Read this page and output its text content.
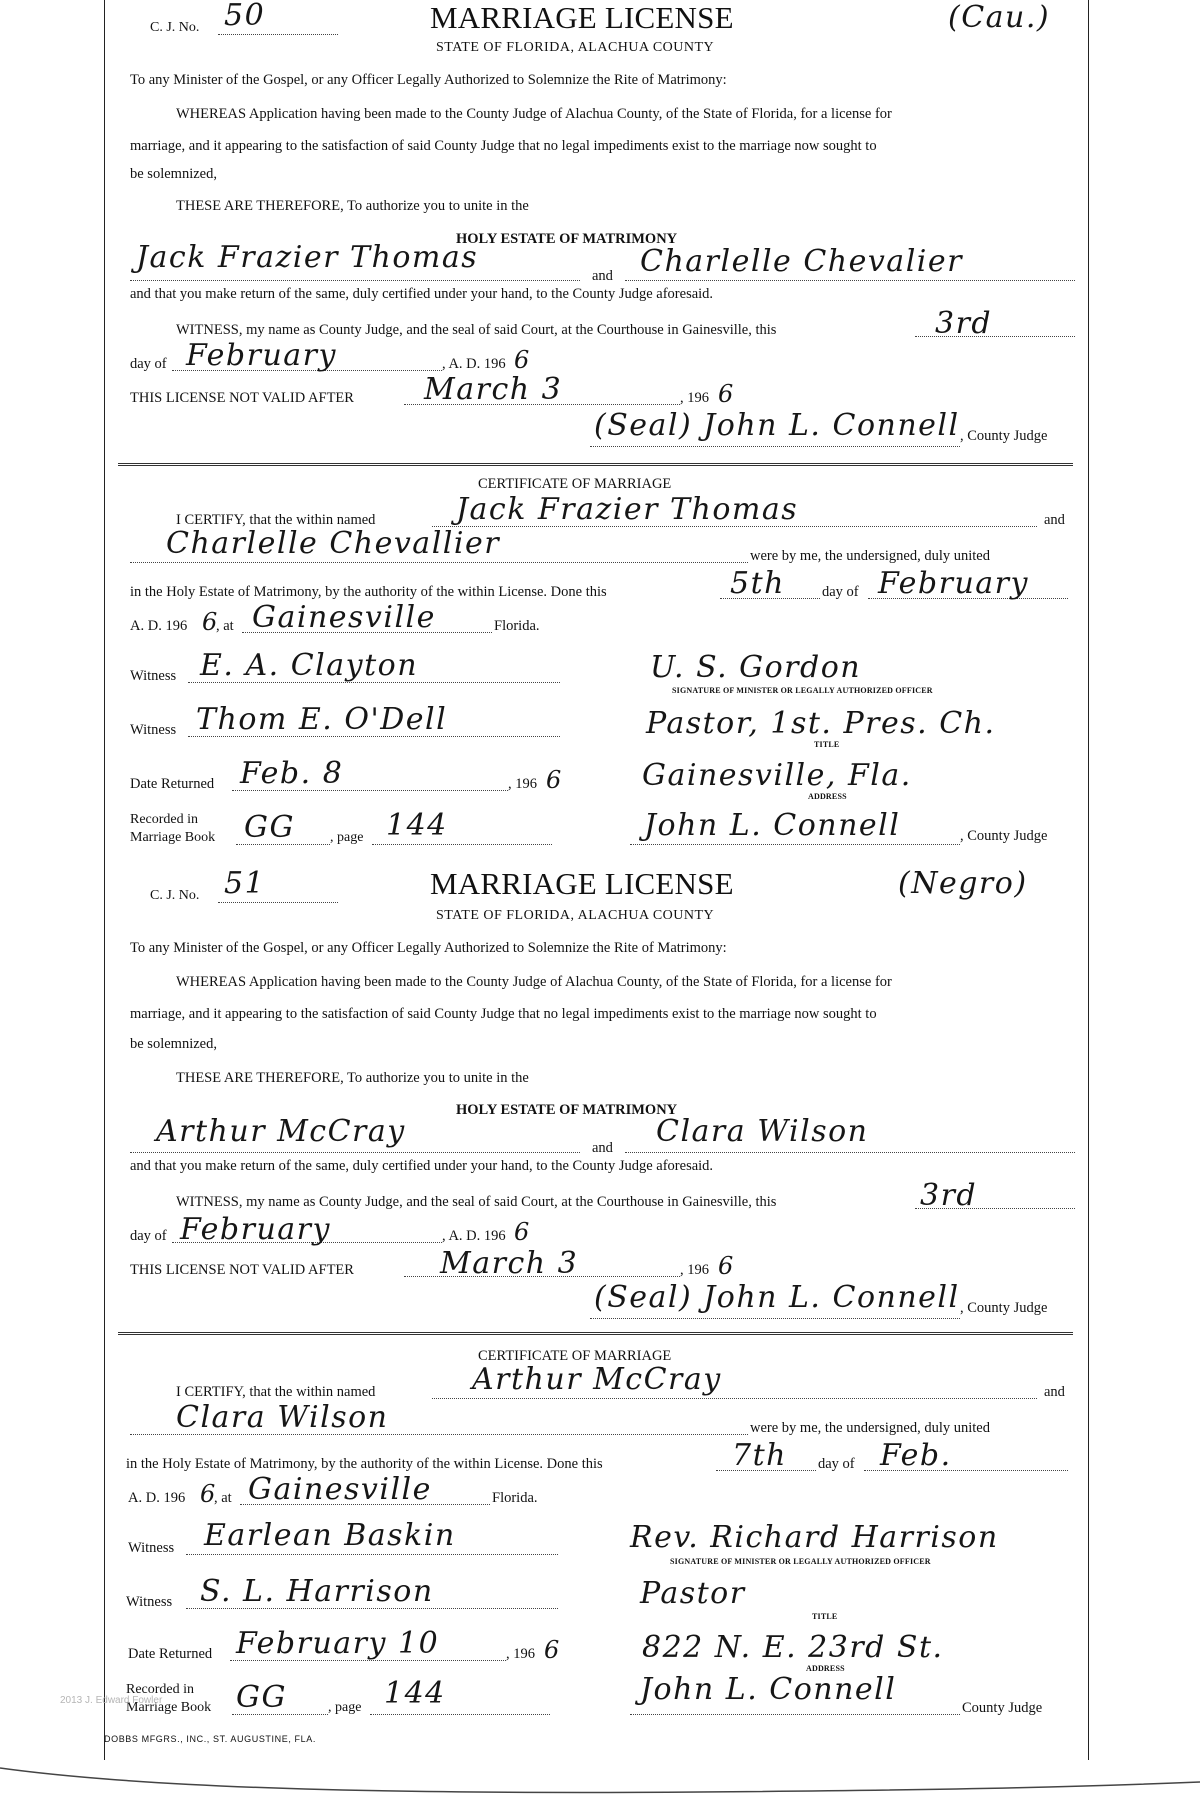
C. J. No. 50	MARRIAGE LICENSE	(Cau.)
STATE OF FLORIDA, ALACHUA COUNTY
To any Minister of the Gospel, or any Officer Legally Authorized to Solemnize the Rite of Matrimony:
WHEREAS Application having been made to the County Judge of Alachua County, of the State of Florida, for a license for
marriage, and it appearing to the satisfaction of said County Judge that no legal impediments exist to the marriage now sought to
be solemnized,
THESE ARE THEREFORE, To authorize you to unite in the
HOLY ESTATE OF MATRIMONY
Jack Frazier Thomas
and Charlelle Chevalier
and that you make return of the same, duly certified under your hand, to the County Judge aforesaid.
WITNESS, my name as County Judge, and the seal of said Court, at the Courthouse in Gainesville, this	3rd
day of February	, A. D. 196 6
THIS LICENSE NOT VALID AFTER March 3	, 196 6
(Seal) John L. Connell , County Judge
CERTIFICATE OF MARRIAGE
I CERTIFY, that the within named	Jack Frazier Thomas	and
Charlelle Chevallier	were by me, the undersigned, duly united
in the Holy Estate of Matrimony, by the authority of the within License. Done this	5th	day of February
A. D. 196 6
, at Gainesville	Florida.
Witness E. A. Clayton	U. S. Gordon
SIGNATURE OF MINISTER OR LEGALLY AUTHORIZED OFFICER
Witness Thom E. O'Dell	Pastor, 1st. Pres. Ch.
TITLE
Date Returned Feb. 8	, 196 6	Gainesville, Fla.
ADDRESS
Recorded in
Marriage Book GG	, page 144	John L. Connell	, County Judge
C. J. No. 51	MARRIAGE LICENSE	(Negro)
STATE OF FLORIDA, ALACHUA COUNTY
To any Minister of the Gospel, or any Officer Legally Authorized to Solemnize the Rite of Matrimony:
WHEREAS Application having been made to the County Judge of Alachua County, of the State of Florida, for a license for
marriage, and it appearing to the satisfaction of said County Judge that no legal impediments exist to the marriage now sought to
be solemnized,
THESE ARE THEREFORE, To authorize you to unite in the
HOLY ESTATE OF MATRIMONY
Arthur McCray	and Clara Wilson
and that you make return of the same, duly certified under your hand, to the County Judge aforesaid.
WITNESS, my name as County Judge, and the seal of said Court, at the Courthouse in Gainesville, this	3rd
day of February	, A. D. 196 6
THIS LICENSE NOT VALID AFTER	March 3	, 196 6
(Seal) John L. Connell , County Judge
CERTIFICATE OF MARRIAGE
I CERTIFY, that the within named	Arthur McCray	and
Clara Wilson	were by me, the undersigned, duly united
in the Holy Estate of Matrimony, by the authority of the within License. Done this	7th day of Feb.
A. D. 196 6
, at Gainesville	Florida.
Witness Earlean Baskin	Rev. Richard Harrison
SIGNATURE OF MINISTER OR LEGALLY AUTHORIZED OFFICER
Witness S. L. Harrison	Pastor
TITLE
Date Returned February 10	, 196 6	822 N. E. 23rd St.
ADDRESS
Recorded in
Marriage Book GG	, page 144	John L. Connell
County Judge
2013 J. Edward Fowler
DOBBS MFGRS., INC., ST. AUGUSTINE, FLA.
